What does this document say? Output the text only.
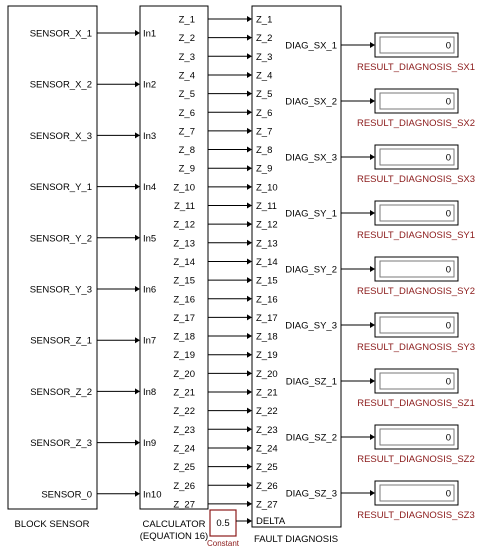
0.5
Constant
DELTA
BLOCK SENSOR	CALCULATOR
(EQUATION 16)	FAULT DIAGNOSIS
SENSOR_X_1	In1
SENSOR_X_2	In2
SENSOR_X_3	In3
SENSOR_Y_1	In4
SENSOR_Y_2	In5
SENSOR_Y_3	In6
SENSOR_Z_1	In7
SENSOR_Z_2	In8
SENSOR_Z_3	In9
SENSOR_0	In10
Z_1	Z_1
Z_2	Z_2
Z_3	Z_3
Z_4	Z_4
Z_5	Z_5
Z_6	Z_6
Z_7	Z_7
Z_8	Z_8
Z_9	Z_9
Z_10	Z_10
Z_11	Z_11
Z_12	Z_12
Z_13	Z_13
Z_14	Z_14
Z_15	Z_15
Z_16	Z_16
Z_17	Z_17
Z_18	Z_18
Z_19	Z_19
Z_20	Z_20
Z_21	Z_21
Z_22	Z_22
Z_23	Z_23
Z_24	Z_24
Z_25	Z_25
Z_26	Z_26
Z_27	Z_27
DIAG_SX_1	0
RESULT_DIAGNOSIS_SX1
DIAG_SX_2	0
RESULT_DIAGNOSIS_SX2
DIAG_SX_3	0
RESULT_DIAGNOSIS_SX3
DIAG_SY_1	0
RESULT_DIAGNOSIS_SY1
DIAG_SY_2	0
RESULT_DIAGNOSIS_SY2
DIAG_SY_3	0
RESULT_DIAGNOSIS_SY3
DIAG_SZ_1	0
RESULT_DIAGNOSIS_SZ1
DIAG_SZ_2	0
RESULT_DIAGNOSIS_SZ2
DIAG_SZ_3	0
RESULT_DIAGNOSIS_SZ3
